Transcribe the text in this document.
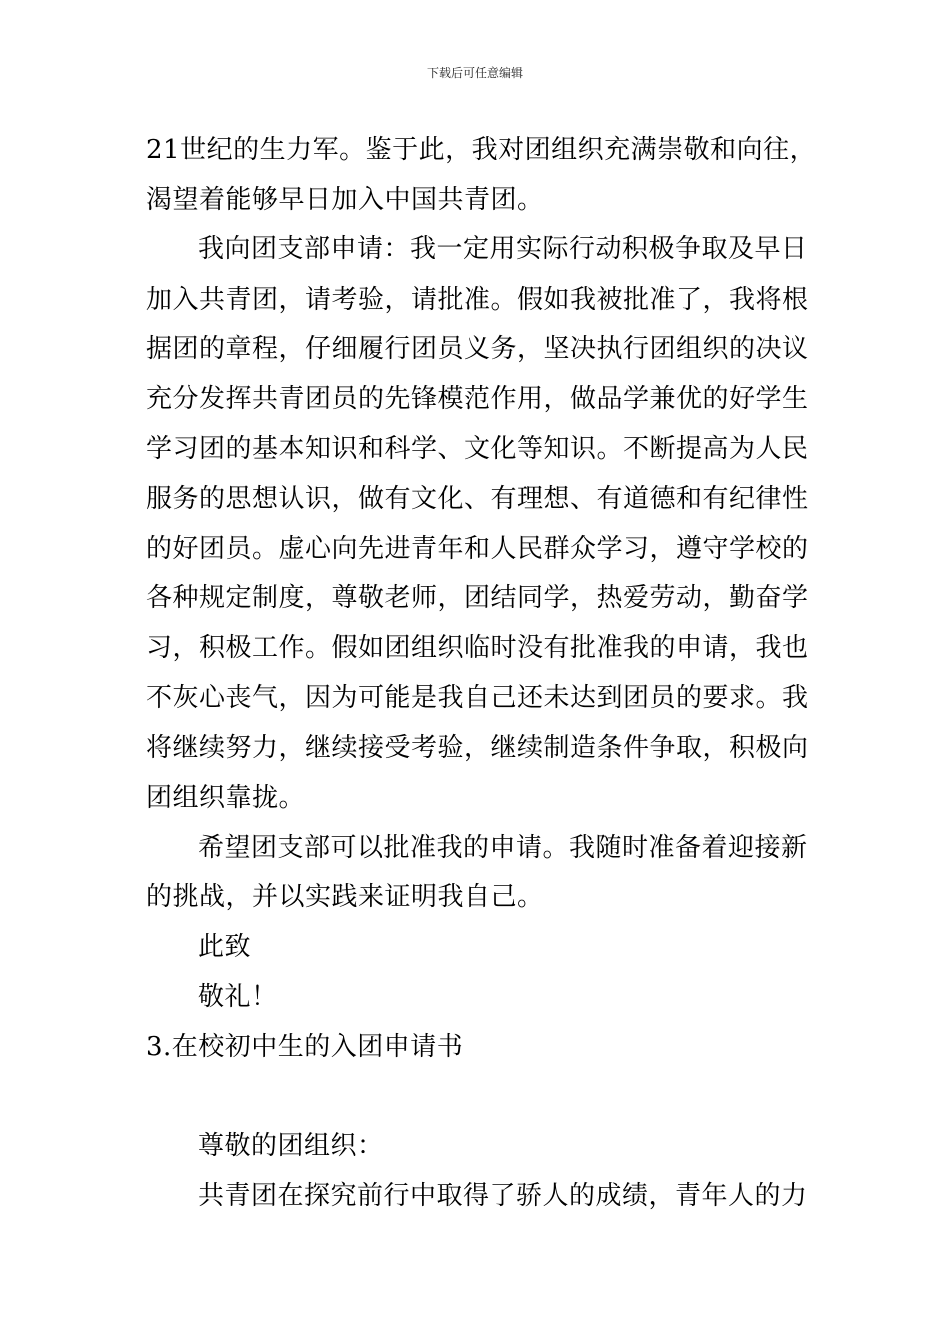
下载后可任意编辑
21世纪的生力军。鉴于此，我对团组织充满崇敬和向往，
渴望着能够早日加入中国共青团。
我向团支部申请：我一定用实际行动积极争取及早日
加入共青团，请考验，请批准。假如我被批准了，我将根
据团的章程，仔细履行团员义务，坚决执行团组织的决议
充分发挥共青团员的先锋模范作用，做品学兼优的好学生
学习团的基本知识和科学、文化等知识。不断提高为人民
服务的思想认识，做有文化、有理想、有道德和有纪律性
的好团员。虚心向先进青年和人民群众学习，遵守学校的
各种规定制度，尊敬老师，团结同学，热爱劳动，勤奋学
习，积极工作。假如团组织临时没有批准我的申请，我也
不灰心丧气，因为可能是我自己还未达到团员的要求。我
将继续努力，继续接受考验，继续制造条件争取，积极向
团组织靠拢。
希望团支部可以批准我的申请。我随时准备着迎接新
的挑战，并以实践来证明我自己。
此致
敬礼！
3.在校初中生的入团申请书
尊敬的团组织：
共青团在探究前行中取得了骄人的成绩，青年人的力
